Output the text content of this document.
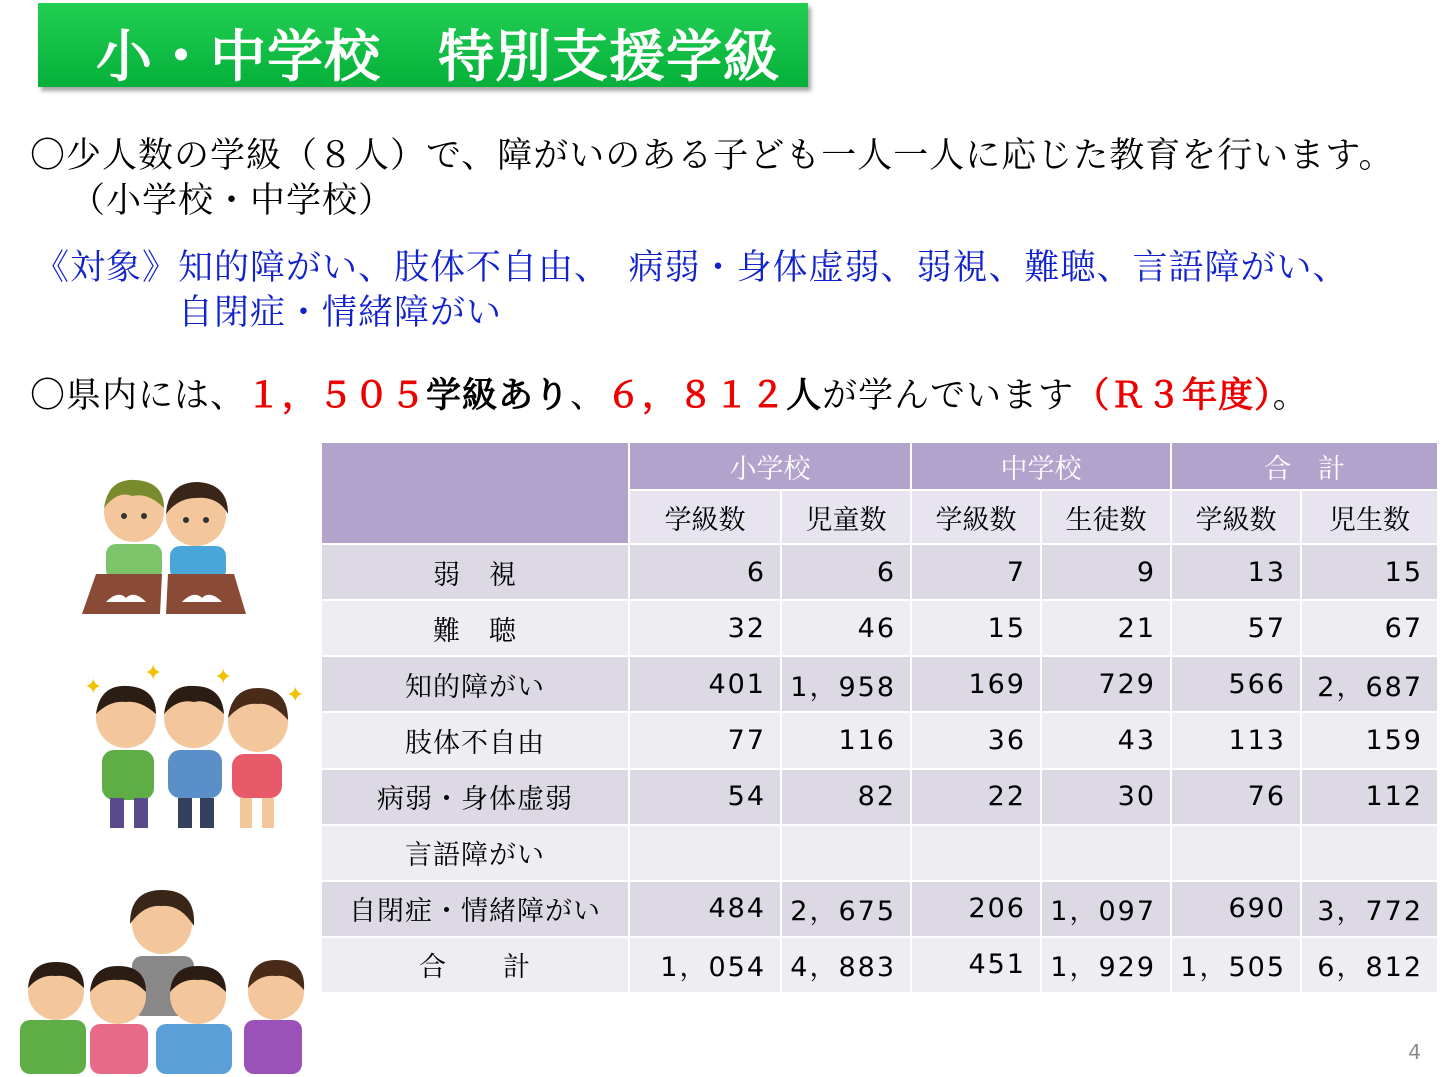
小・中学校　特別支援学級
〇少人数の学級（８人）で、障がいのある子ども一人一人に応じた教育を行います。
（小学校・中学校）
《対象》知的障がい、肢体不自由、　病弱・身体虚弱、弱視、難聴、言語障がい、
自閉症・情緒障がい
〇県内には、１，５０５学級あり、６，８１２人が学んでいます（Ｒ３年度）。
✦
✦ ✦
✦
	小学校		中学校		合　計	
	学級数	児童数	学級数	生徒数	学級数	児生数
弱　視	6	6	7	9	13	15
難　聴	32	46	15	21	57	67
知的障がい	401	1，958	169	729	566	2，687
肢体不自由	77	116	36	43	113	159
病弱・身体虚弱	54	82	22	30	76	112
言語障がい						
自閉症・情緒障がい	484	2，675	206	1，097	690	3，772
合　　計	1，054	4，883	451	1，929	1，505	6，812
4
